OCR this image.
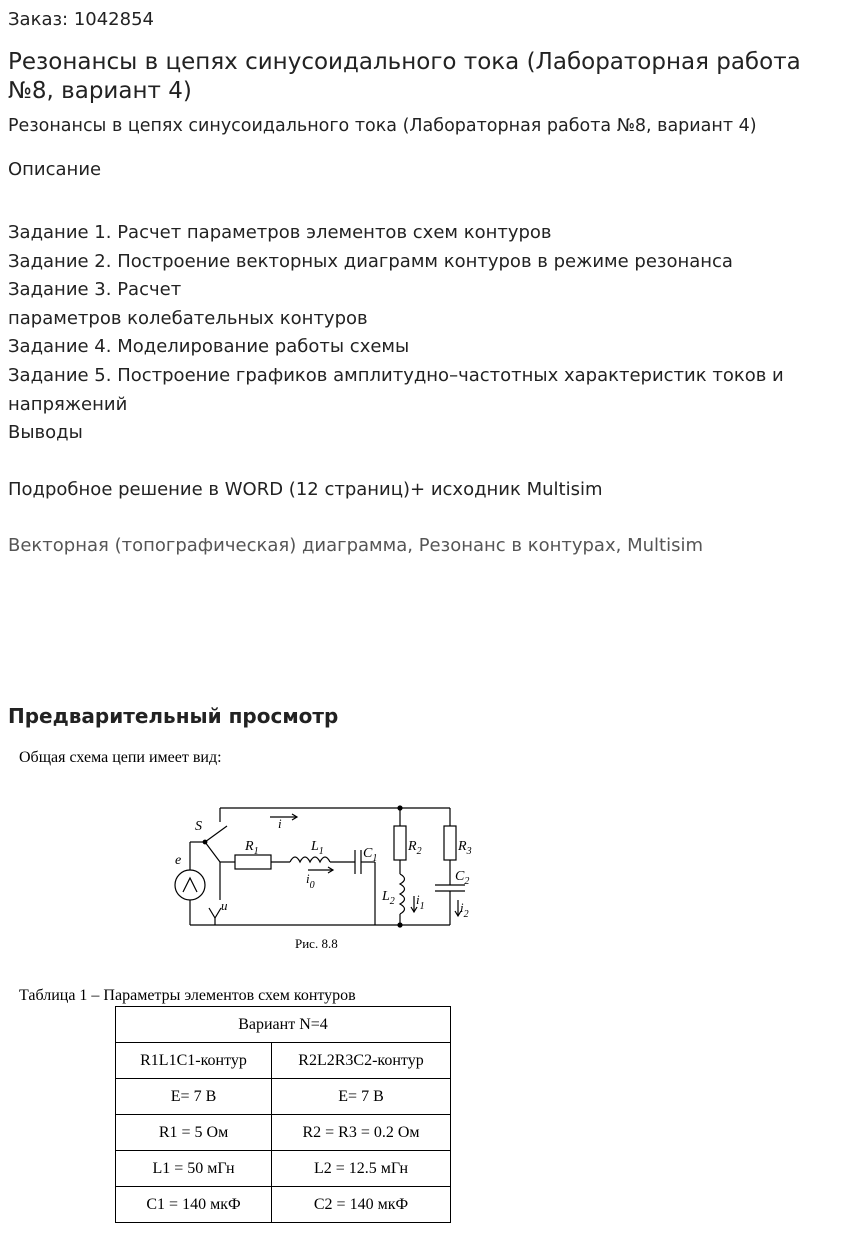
Заказ: 1042854
Резонансы в цепях синусоидального тока (Лабораторная работа №8, вариант 4)
Резонансы в цепях синусоидального тока (Лабораторная работа №8, вариант 4)
Описание
Задание 1. Расчет параметров элементов схем контуров
Задание 2. Построение векторных диаграмм контуров в режиме резонанса
Задание 3. Расчет
параметров колебательных контуров
Задание 4. Моделирование работы схемы
Задание 5. Построение графиков амплитудно–частотных характеристик токов и
напряжений
Выводы
Подробное решение в WORD (12 страниц)+ исходник Multisim
Векторная (топографическая) диаграмма, Резонанс в контурах, Multisim
Предварительный просмотр
Общая схема цепи имеет вид:
S	i
e
u
$R_1$	$L_1$	$C_1$
$i_0$
$R_2$	$R_3$
$L_2$
$C_2$
$i_1$	$i_2$
Рис. 8.8
Таблица 1 – Параметры элементов схем контуров
Вариант N=4	
R1L1C1-контур	R2L2R3C2-контур
E= 7 В	E= 7 В
R1 = 5 Ом	R2 = R3 = 0.2 Ом
L1 = 50 мГн	L2 = 12.5 мГн
C1 = 140 мкФ	C2 = 140 мкФ
